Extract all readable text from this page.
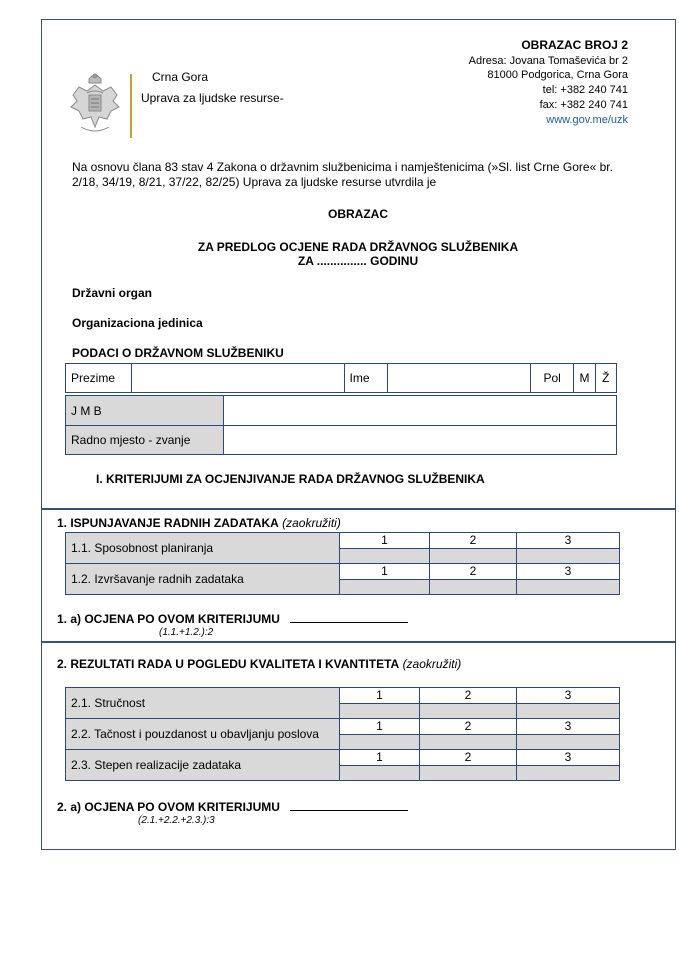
OBRAZAC BROJ 2
Adresa: Jovana Tomaševića br 2
81000 Podgorica, Crna Gora
tel: +382 240 741
fax: +382 240 741
www.gov.me/uzk
Crna Gora
Uprava za ljudske resurse-
Na osnovu člana 83 stav 4 Zakona o državnim službenicima i namještenicima (»Sl. list Crne Gore« br. 2/18, 34/19, 8/21, 37/22, 82/25) Uprava za ljudske resurse utvrdila je
OBRAZAC
ZA PREDLOG OCJENE RADA DRŽAVNOG SLUŽBENIKA
ZA ............... GODINU
Državni organ
Organizaciona jedinica
PODACI O DRŽAVNOM SLUŽBENIKU
Prezime		Ime		Pol	M	Ž
J M B	
Radno mjesto - zvanje	
I. KRITERIJUMI ZA OCJENJIVANJE RADA DRŽAVNOG SLUŽBENIKA
1. ISPUNJAVANJE RADNIH ZADATAKA (zaokružiti)
1.1. Sposobnost planiranja	1	2	3

1.2. Izvršavanje radnih zadataka	1	2	3

1. a) OCJENA PO OVOM KRITERIJUMU
(1.1.+1.2.):2
2. REZULTATI RADA U POGLEDU KVALITETA I KVANTITETA (zaokružiti)
2.1. Stručnost	1	2	3

2.2. Tačnost i pouzdanost u obavljanju poslova	1	2	3

2.3. Stepen realizacije zadataka	1	2	3

2. a) OCJENA PO OVOM KRITERIJUMU
(2.1.+2.2.+2.3.):3
